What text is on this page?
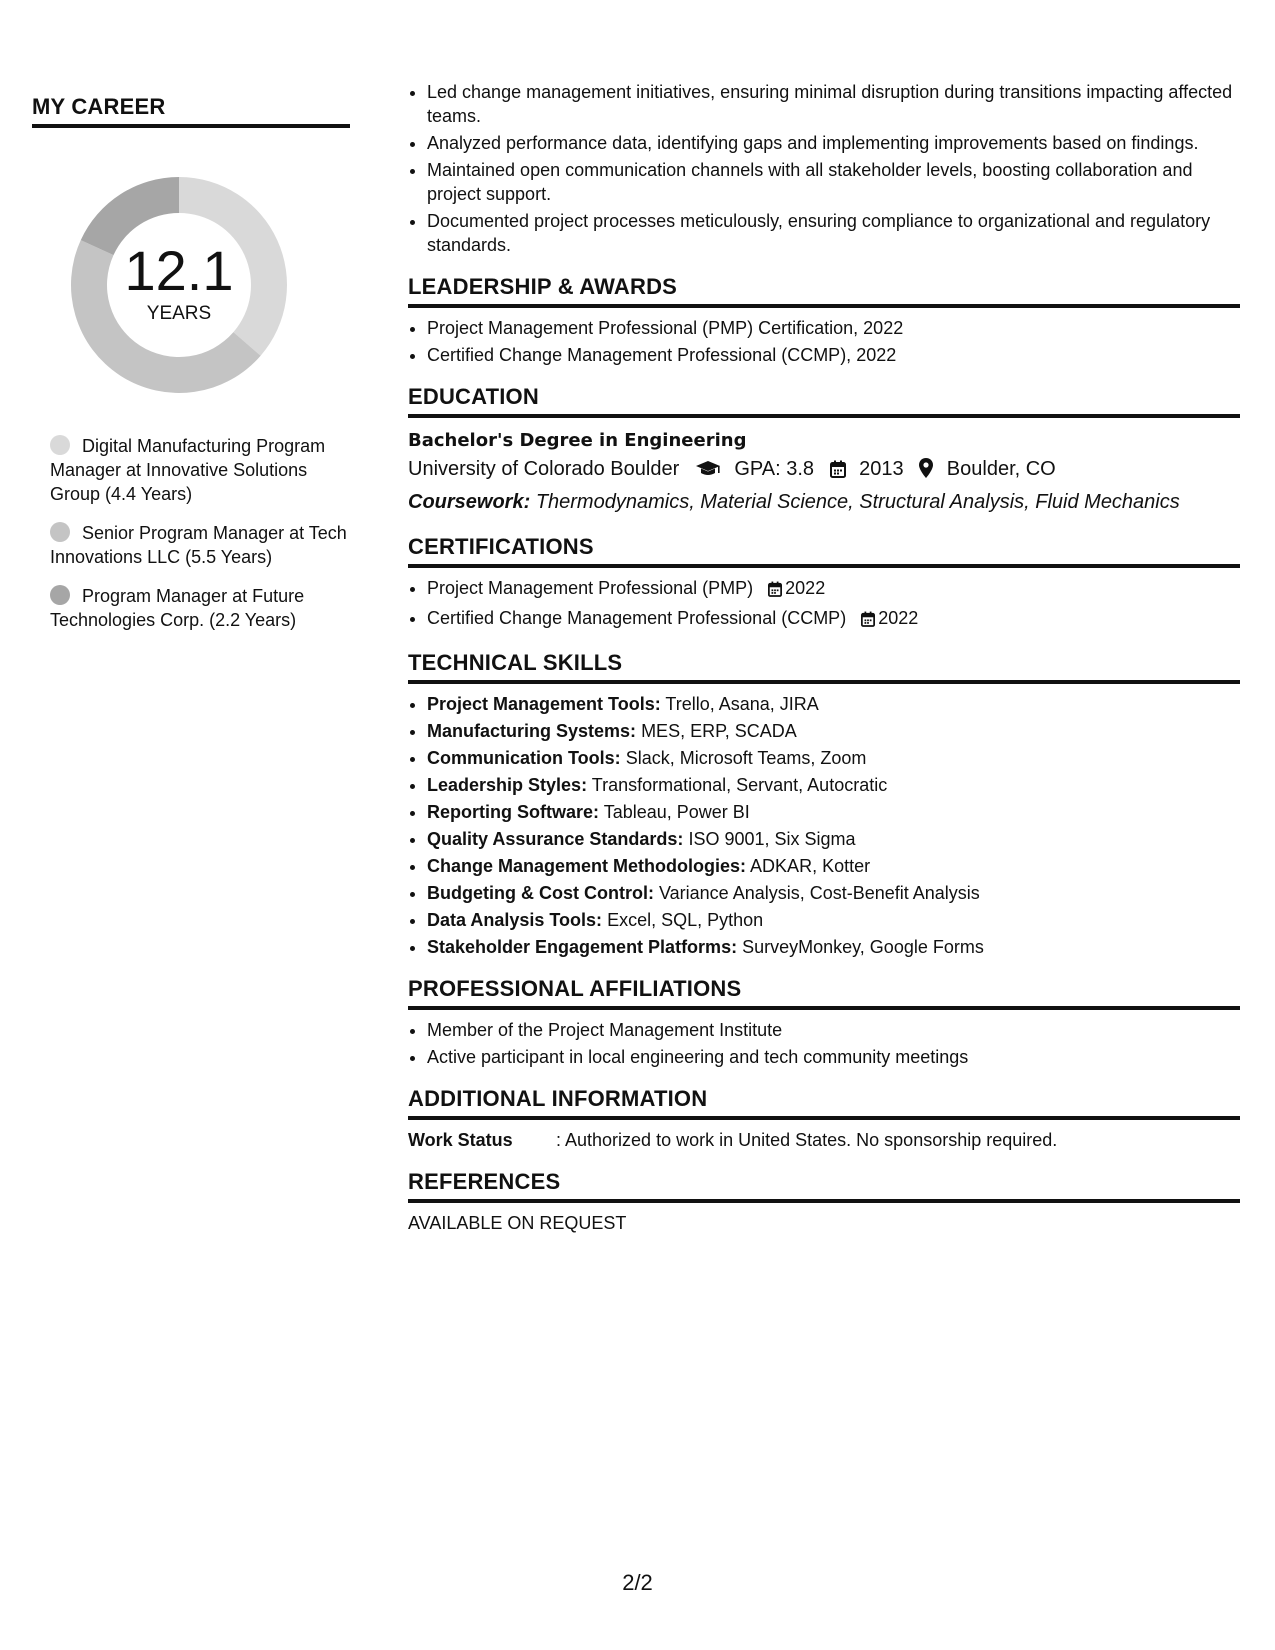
MY CAREER
12.1
YEARS
Digital Manufacturing Program Manager at Innovative Solutions Group (4.4 Years)
Senior Program Manager at Tech Innovations LLC (5.5 Years)
Program Manager at Future Technologies Corp. (2.2 Years)
• Led change management initiatives, ensuring minimal disruption during transitions impacting affected teams.
• Analyzed performance data, identifying gaps and implementing improvements based on findings.
• Maintained open communication channels with all stakeholder levels, boosting collaboration and project support.
• Documented project processes meticulously, ensuring compliance to organizational and regulatory standards.
LEADERSHIP & AWARDS
• Project Management Professional (PMP) Certification, 2022
• Certified Change Management Professional (CCMP), 2022
EDUCATION
Bachelor's Degree in Engineering
University of Colorado Boulder	GPA: 3.8 2013 Boulder, CO
Coursework: Thermodynamics, Material Science, Structural Analysis, Fluid Mechanics
CERTIFICATIONS
• Project Management Professional (PMP) 2022
• Certified Change Management Professional (CCMP) 2022
TECHNICAL SKILLS
• Project Management Tools: Trello, Asana, JIRA
• Manufacturing Systems: MES, ERP, SCADA
• Communication Tools: Slack, Microsoft Teams, Zoom
• Leadership Styles: Transformational, Servant, Autocratic
• Reporting Software: Tableau, Power BI
• Quality Assurance Standards: ISO 9001, Six Sigma
• Change Management Methodologies: ADKAR, Kotter
• Budgeting & Cost Control: Variance Analysis, Cost-Benefit Analysis
• Data Analysis Tools: Excel, SQL, Python
• Stakeholder Engagement Platforms: SurveyMonkey, Google Forms
PROFESSIONAL AFFILIATIONS
• Member of the Project Management Institute
• Active participant in local engineering and tech community meetings
ADDITIONAL INFORMATION
Work Status : Authorized to work in United States. No sponsorship required.
REFERENCES
AVAILABLE ON REQUEST
2/2
